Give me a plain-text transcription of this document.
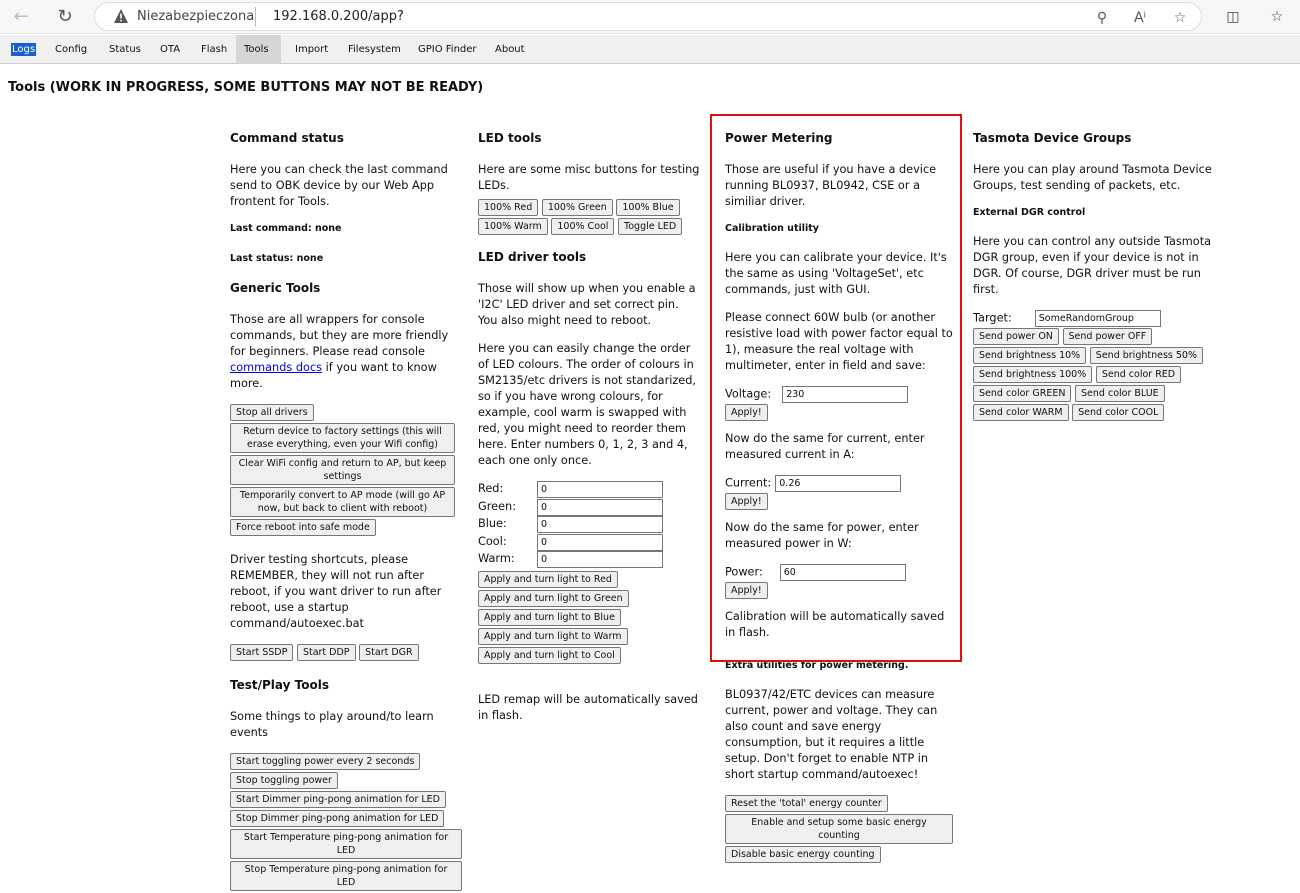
←	↻	Niezabezpieczona 192.168.0.200/app?	⚲	Aⁱ	☆	◫	☆
Logs	Config	Status	OTA	Flash	Tools	Import	Filesystem	GPIO Finder	About
Tools (WORK IN PROGRESS, SOME BUTTONS MAY NOT BE READY)
Command status

Here you can check the last command send to OBK device by our Web App frontent for Tools.

Last command: none
Last status: none
Generic Tools

Those are all wrappers for console commands, but they are more friendly for beginners. Please read console commands docs if you want to know more.

Stop all drivers

Return device to factory settings (this will erase everything, even your Wifi config)
Clear WiFi config and return to AP, but keep settings
Temporarily convert to AP mode (will go AP now, but back to client with reboot)
Force reboot into safe mode

Driver testing shortcuts, please REMEMBER, they will not run after reboot, if you want driver to run after reboot, use a startup command/autoexec.bat

Start SSDP Start DDP Start DGR
Test/Play Tools

Some things to play around/to learn events

Start toggling power every 2 seconds
Stop toggling power
Start Dimmer ping-pong animation for LED
Stop Dimmer ping-pong animation for LED
Start Temperature ping-pong animation for LED
Stop Temperature ping-pong animation for LED
LED tools

Here are some misc buttons for testing LEDs.

100% Red 100% Green 100% Blue
100% Warm 100% Cool Toggle LED
LED driver tools

Those will show up when you enable a 'I2C' LED driver and set correct pin. You also might need to reboot.

Here you can easily change the order of LED colours. The order of colours in SM2135/etc drivers is not standarized, so if you have wrong colours, for example, cool warm is swapped with red, you might need to reorder them here. Enter numbers 0, 1, 2, 3 and 4, each one only once.

Red:	0
Green:	0
Blue:	0
Cool:	0
Warm:	0
Apply and turn light to Red
Apply and turn light to Green
Apply and turn light to Blue
Apply and turn light to Warm
Apply and turn light to Cool

LED remap will be automatically saved in flash.

Power Metering

Those are useful if you have a device running BL0937, BL0942, CSE or a similiar driver.

Calibration utility

Here you can calibrate your device. It's the same as using 'VoltageSet', etc commands, just with GUI.

Please connect 60W bulb (or another resistive load with power factor equal to 1), measure the real voltage with multimeter, enter in field and save:

Voltage: 230
Apply!

Now do the same for current, enter measured current in A:

Current: 0.26
Apply!

Now do the same for power, enter measured power in W:

Power: 60
Apply!

Calibration will be automatically saved in flash.

Extra utilities for power metering.

BL0937/42/ETC devices can measure current, power and voltage. They can also count and save energy consumption, but it requires a little setup. Don't forget to enable NTP in short startup command/autoexec!

Reset the 'total' energy counter
Enable and setup some basic energy counting
Disable basic energy counting
Tasmota Device Groups

Here you can play around Tasmota Device Groups, test sending of packets, etc.

External DGR control

Here you can control any outside Tasmota DGR group, even if your device is not in DGR. Of course, DGR driver must be run first.

Target:	SomeRandomGroup
Send power ON Send power OFF
Send brightness 10% Send brightness 50%
Send brightness 100% Send color RED
Send color GREEN Send color BLUE
Send color WARM Send color COOL
